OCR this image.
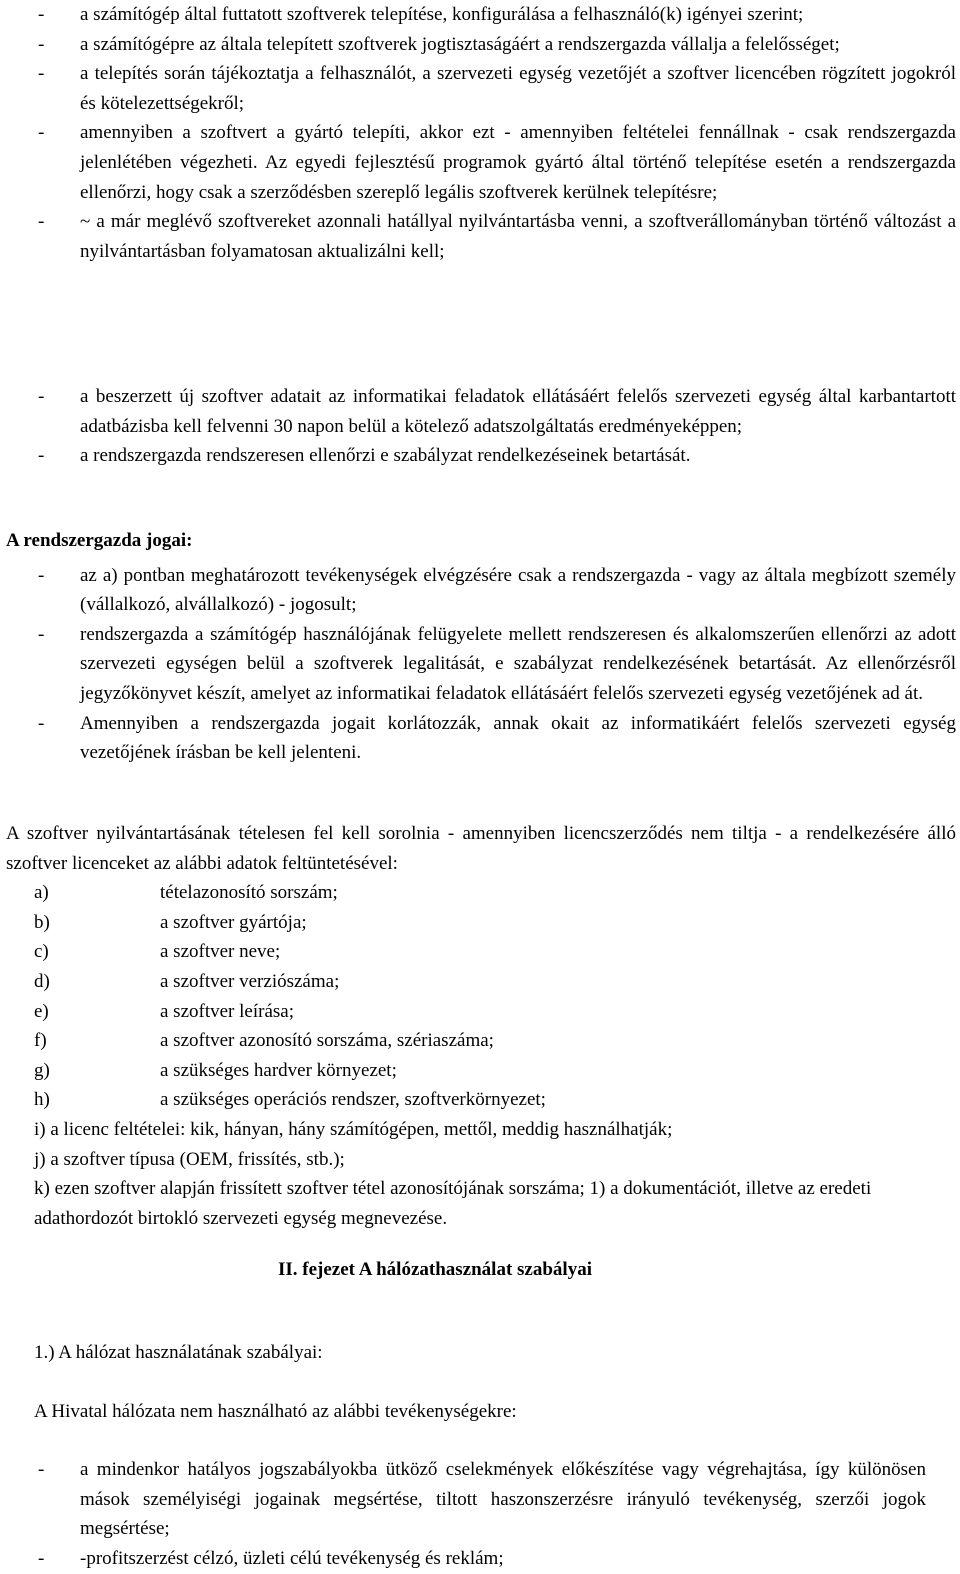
- a számítógép által futtatott szoftverek telepítése, konfigurálása a felhasználó(k) igényei szerint;
- a számítógépre az általa telepített szoftverek jogtisztaságáért a rendszergazda vállalja a felelősséget;
- a telepítés során tájékoztatja a felhasználót, a szervezeti egység vezetőjét a szoftver licencében rögzített jogokról és kötelezettségekről;
- amennyiben a szoftvert a gyártó telepíti, akkor ezt - amennyiben feltételei fennállnak - csak rendszergazda jelenlétében végezheti. Az egyedi fejlesztésű programok gyártó által történő telepítése esetén a rendszergazda ellenőrzi, hogy csak a szerződésben szereplő legális szoftverek kerülnek telepítésre;
- ~ a már meglévő szoftvereket azonnali hatállyal nyilvántartásba venni, a szoftverállományban történő változást a nyilvántartásban folyamatosan aktualizálni kell;
- a beszerzett új szoftver adatait az informatikai feladatok ellátásáért felelős szervezeti egység által karbantartott adatbázisba kell felvenni 30 napon belül a kötelező adatszolgáltatás eredményeképpen;
- a rendszergazda rendszeresen ellenőrzi e szabályzat rendelkezéseinek betartását.

A rendszergazda jogai:

- az a) pontban meghatározott tevékenységek elvégzésére csak a rendszergazda - vagy az általa megbízott személy (vállalkozó, alvállalkozó) - jogosult;
- rendszergazda a számítógép használójának felügyelete mellett rendszeresen és alkalomszerűen ellenőrzi az adott szervezeti egységen belül a szoftverek legalitását, e szabályzat rendelkezésének betartását. Az ellenőrzésről jegyzőkönyvet készít, amelyet az informatikai feladatok ellátásáért felelős szervezeti egység vezetőjének ad át.
- Amennyiben a rendszergazda jogait korlátozzák, annak okait az informatikáért felelős szervezeti egység vezetőjének írásban be kell jelenteni.

A szoftver nyilvántartásának tételesen fel kell sorolnia - amennyiben licencszerződés nem tiltja - a rendelkezésére álló szoftver licenceket az alábbi adatok feltüntetésével:

a)	tételazonosító sorszám;
b)	a szoftver gyártója;
c)	a szoftver neve;
d)	a szoftver verziószáma;
e)	a szoftver leírása;
f)	a szoftver azonosító sorszáma, szériaszáma;
g)	a szükséges hardver környezet;
h)	a szükséges operációs rendszer, szoftverkörnyezet;

i) a licenc feltételei: kik, hányan, hány számítógépen, mettől, meddig használhatják;

j) a szoftver típusa (OEM, frissítés, stb.);

k) ezen szoftver alapján frissített szoftver tétel azonosítójának sorszáma; 1) a dokumentációt, illetve az eredeti adathordozót birtokló szervezeti egység megnevezése.

II. fejezet A hálózathasználat szabályai

1.) A hálózat használatának szabályai:

A Hivatal hálózata nem használható az alábbi tevékenységekre:

- a mindenkor hatályos jogszabályokba ütköző cselekmények előkészítése vagy végrehajtása, így különösen mások személyiségi jogainak megsértése, tiltott haszonszerzésre irányuló tevékenység, szerzői jogok megsértése;
- -profitszerzést célzó, üzleti célú tevékenység és reklám;
